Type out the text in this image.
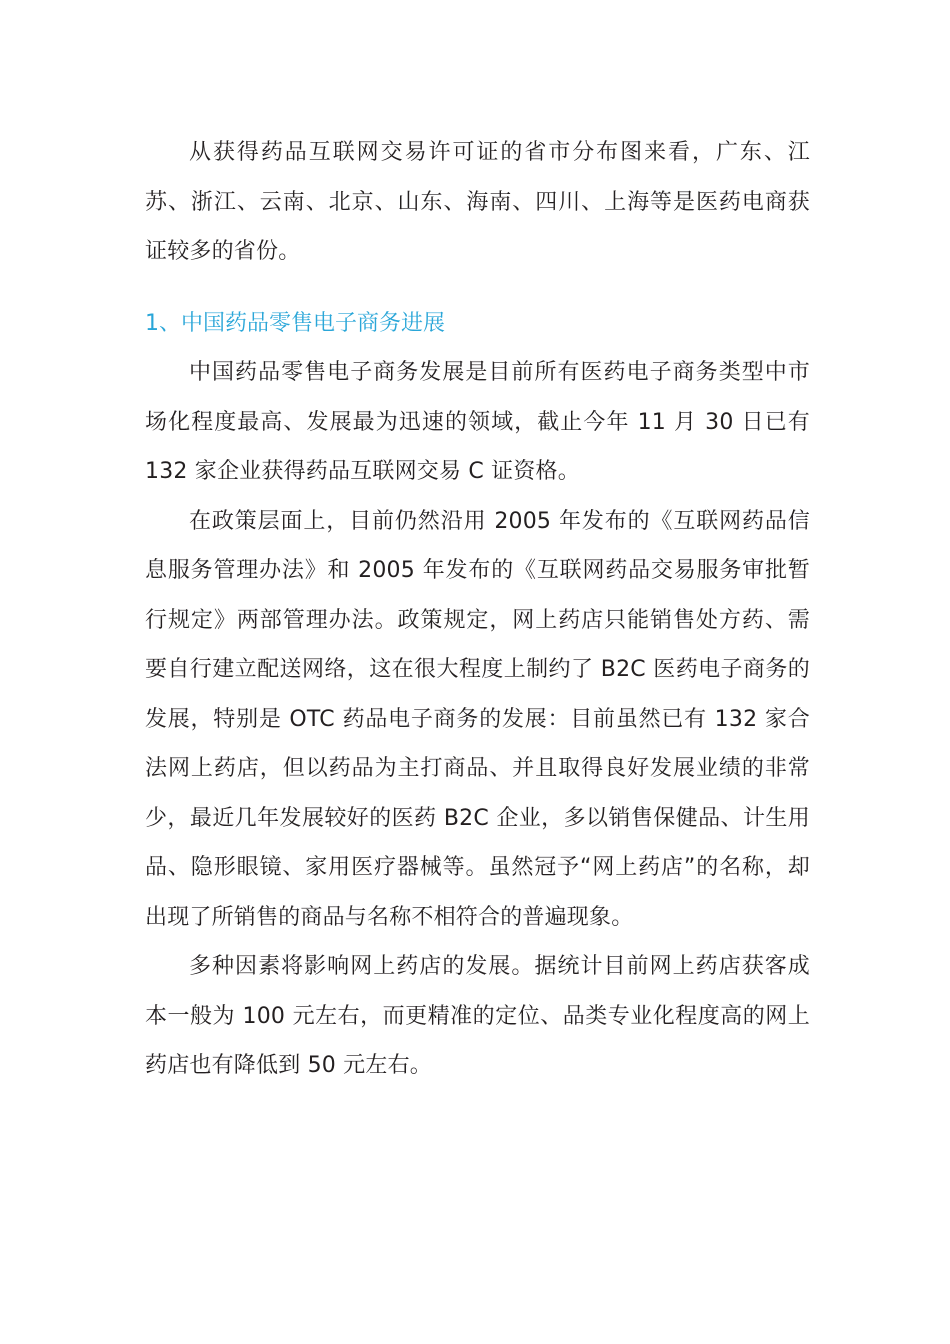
从获得药品互联网交易许可证的省市分布图来看，广东、江苏、浙江、云南、北京、山东、海南、四川、上海等是医药电商获证较多的省份。

1、中国药品零售电子商务进展

中国药品零售电子商务发展是目前所有医药电子商务类型中市场化程度最高、发展最为迅速的领域，截止今年 11 月 30 日已有 132 家企业获得药品互联网交易 C 证资格。

在政策层面上，目前仍然沿用 2005 年发布的《互联网药品信息服务管理办法》和 2005 年发布的《互联网药品交易服务审批暂行规定》两部管理办法。政策规定，网上药店只能销售处方药、需要自行建立配送网络，这在很大程度上制约了 B2C 医药电子商务的发展，特别是 OTC 药品电子商务的发展：目前虽然已有 132 家合法网上药店，但以药品为主打商品、并且取得良好发展业绩的非常少，最近几年发展较好的医药 B2C 企业，多以销售保健品、计生用品、隐形眼镜、家用医疗器械等。虽然冠予“网上药店”的名称，却出现了所销售的商品与名称不相符合的普遍现象。

多种因素将影响网上药店的发展。据统计目前网上药店获客成本一般为 100 元左右，而更精准的定位、品类专业化程度高的网上药店也有降低到 50 元左右。
